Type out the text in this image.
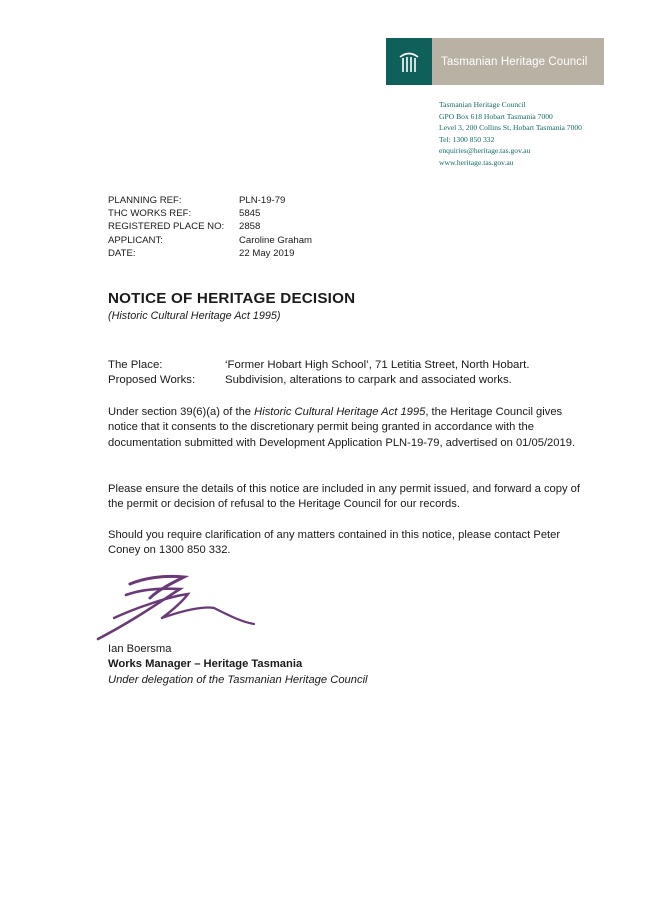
Tasmanian
Heritage Council
Tasmanian Heritage Council
GPO Box 618 Hobart Tasmania 7000
Level 3, 200 Collins St, Hobart Tasmania 7000
Tel: 1300 850 332
enquiries@heritage.tas.gov.au
www.heritage.tas.gov.au
PLANNING REF:	PLN-19-79
THC WORKS REF:	5845
REGISTERED PLACE NO:	2858
APPLICANT:	Caroline Graham
DATE:	22 May 2019
NOTICE OF HERITAGE DECISION
(Historic Cultural Heritage Act 1995)
The Place:	‘Former Hobart High School’, 71 Letitia Street, North Hobart.
Proposed Works:	Subdivision, alterations to carpark and associated works.
Under section 39(6)(a) of the Historic Cultural Heritage Act 1995, the Heritage Council gives notice that it consents to the discretionary permit being granted in accordance with the documentation submitted with Development Application PLN-19-79, advertised on 01/05/2019.
Please ensure the details of this notice are included in any permit issued, and forward a copy of the permit or decision of refusal to the Heritage Council for our records.
Should you require clarification of any matters contained in this notice, please contact Peter Coney on 1300 850 332.
Ian Boersma
Works Manager – Heritage Tasmania
Under delegation of the Tasmanian Heritage Council
